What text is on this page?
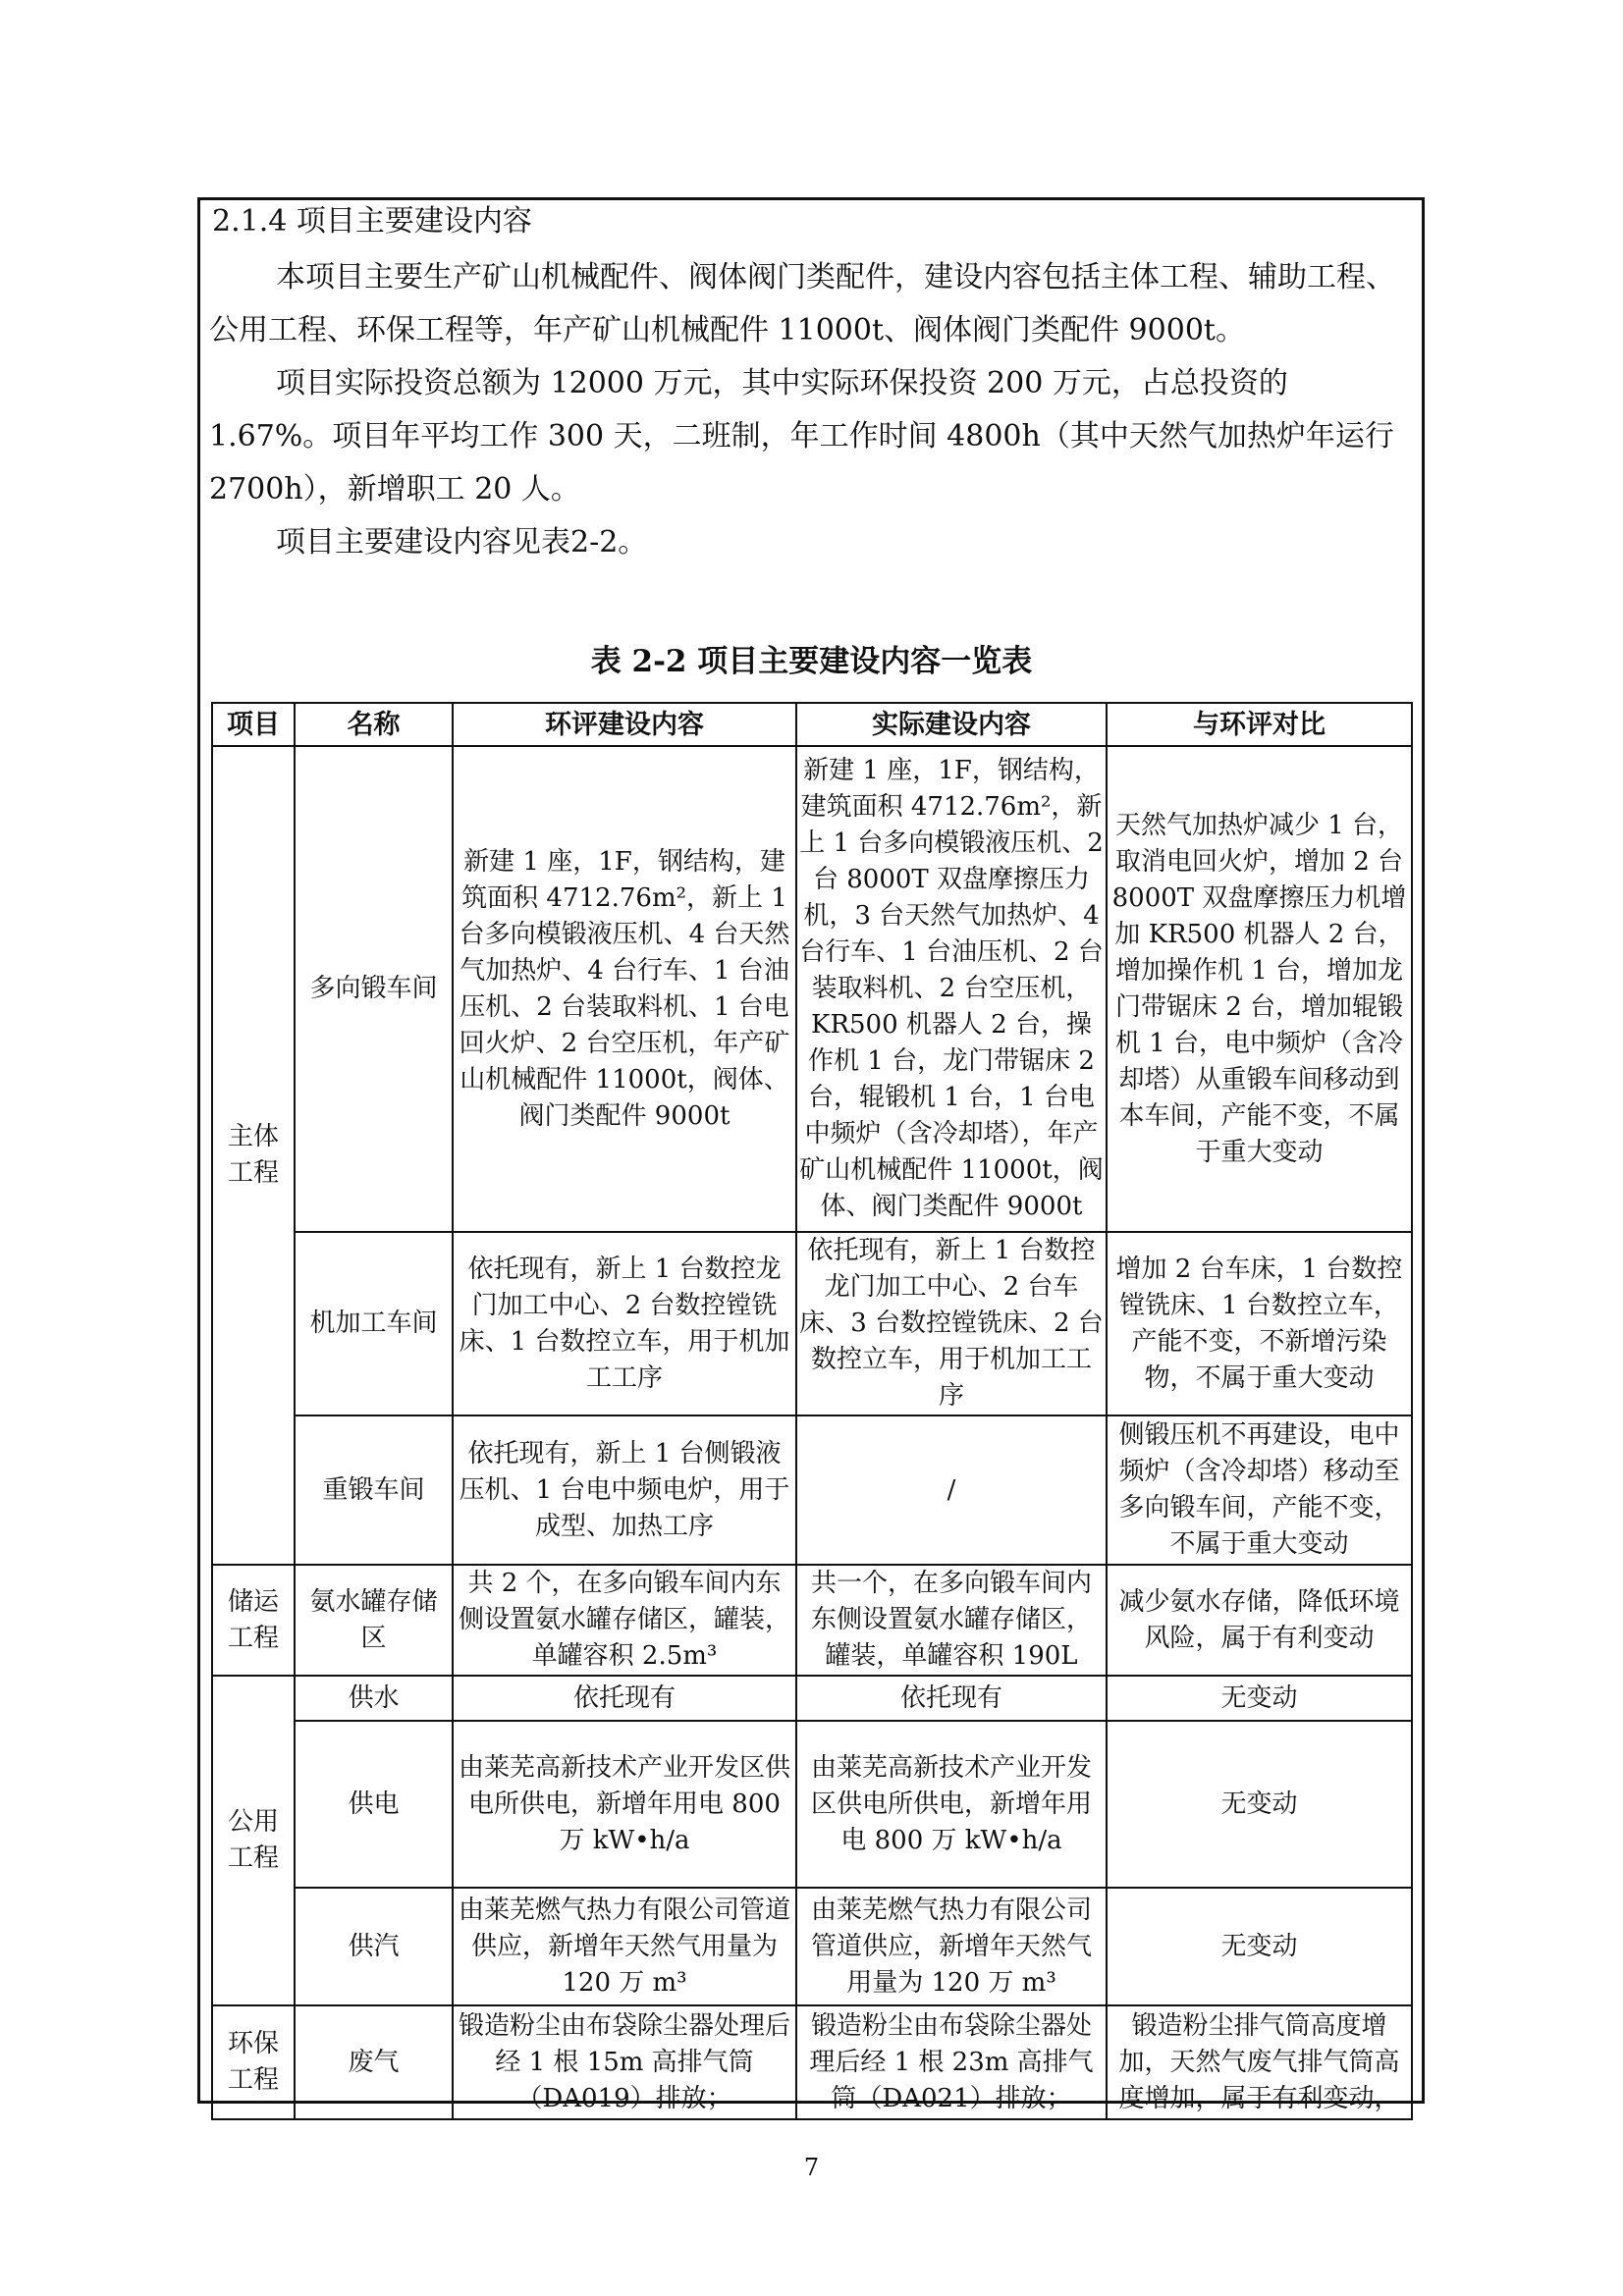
2.1.4 项目主要建设内容

本项目主要生产矿山机械配件、阀体阀门类配件，建设内容包括主体工程、辅助工程、公用工程、环保工程等，年产矿山机械配件 11000t、阀体阀门类配件 9000t。

项目实际投资总额为 12000 万元，其中实际环保投资 200 万元，占总投资的 1.67%。项目年平均工作 300 天，二班制，年工作时间 4800h（其中天然气加热炉年运行 2700h），新增职工 20 人。

项目主要建设内容见表2-2。

表 2-2 项目主要建设内容一览表
项目	名称	环评建设内容	实际建设内容	与环评对比
主体
工程	多向锻车间	新建 1 座，1F，钢结构，建筑面积 4712.76m²，新上 1 台多向模锻液压机、4 台天然气加热炉、4 台行车、1 台油压机、2 台装取料机、1 台电回火炉、2 台空压机，年产矿山机械配件 11000t，阀体、阀门类配件 9000t	新建 1 座，1F，钢结构，建筑面积 4712.76m²，新上 1 台多向模锻液压机、2 台 8000T 双盘摩擦压力机，3 台天然气加热炉、4 台行车、1 台油压机、2 台装取料机、2 台空压机，KR500 机器人 2 台，操作机 1 台，龙门带锯床 2 台，辊锻机 1 台，1 台电中频炉（含冷却塔），年产矿山机械配件 11000t，阀体、阀门类配件 9000t	天然气加热炉减少 1 台，取消电回火炉，增加 2 台 8000T 双盘摩擦压力机增加 KR500 机器人 2 台，增加操作机 1 台，增加龙门带锯床 2 台，增加辊锻机 1 台，电中频炉（含冷却塔）从重锻车间移动到本车间，产能不变，不属于重大变动
	机加工车间	依托现有，新上 1 台数控龙门加工中心、2 台数控镗铣床、1 台数控立车，用于机加工工序	依托现有，新上 1 台数控龙门加工中心、2 台车床、3 台数控镗铣床、2 台数控立车，用于机加工工序	增加 2 台车床，1 台数控镗铣床、1 台数控立车，产能不变，不新增污染物，不属于重大变动
	重锻车间	依托现有，新上 1 台侧锻液压机、1 台电中频电炉，用于成型、加热工序	/	侧锻压机不再建设，电中频炉（含冷却塔）移动至多向锻车间，产能不变，不属于重大变动
储运
工程	氨水罐存储区	共 2 个，在多向锻车间内东侧设置氨水罐存储区，罐装，单罐容积 2.5m³	共一个，在多向锻车间内东侧设置氨水罐存储区，罐装，单罐容积 190L	减少氨水存储，降低环境风险，属于有利变动
公用
工程	供水	依托现有	依托现有	无变动
	供电	由莱芜高新技术产业开发区供电所供电，新增年用电 800 万 kW•h/a	由莱芜高新技术产业开发区供电所供电，新增年用电 800 万 kW•h/a	无变动
	供汽	由莱芜燃气热力有限公司管道供应，新增年天然气用量为 120 万 m³	由莱芜燃气热力有限公司管道供应，新增年天然气用量为 120 万 m³	无变动
环保
工程	废气	锻造粉尘由布袋除尘器处理后经 1 根 15m 高排气筒（DA019）排放；	锻造粉尘由布袋除尘器处理后经 1 根 23m 高排气筒（DA021）排放；	锻造粉尘排气筒高度增加，天然气废气排气筒高度增加，属于有利变动，
7
